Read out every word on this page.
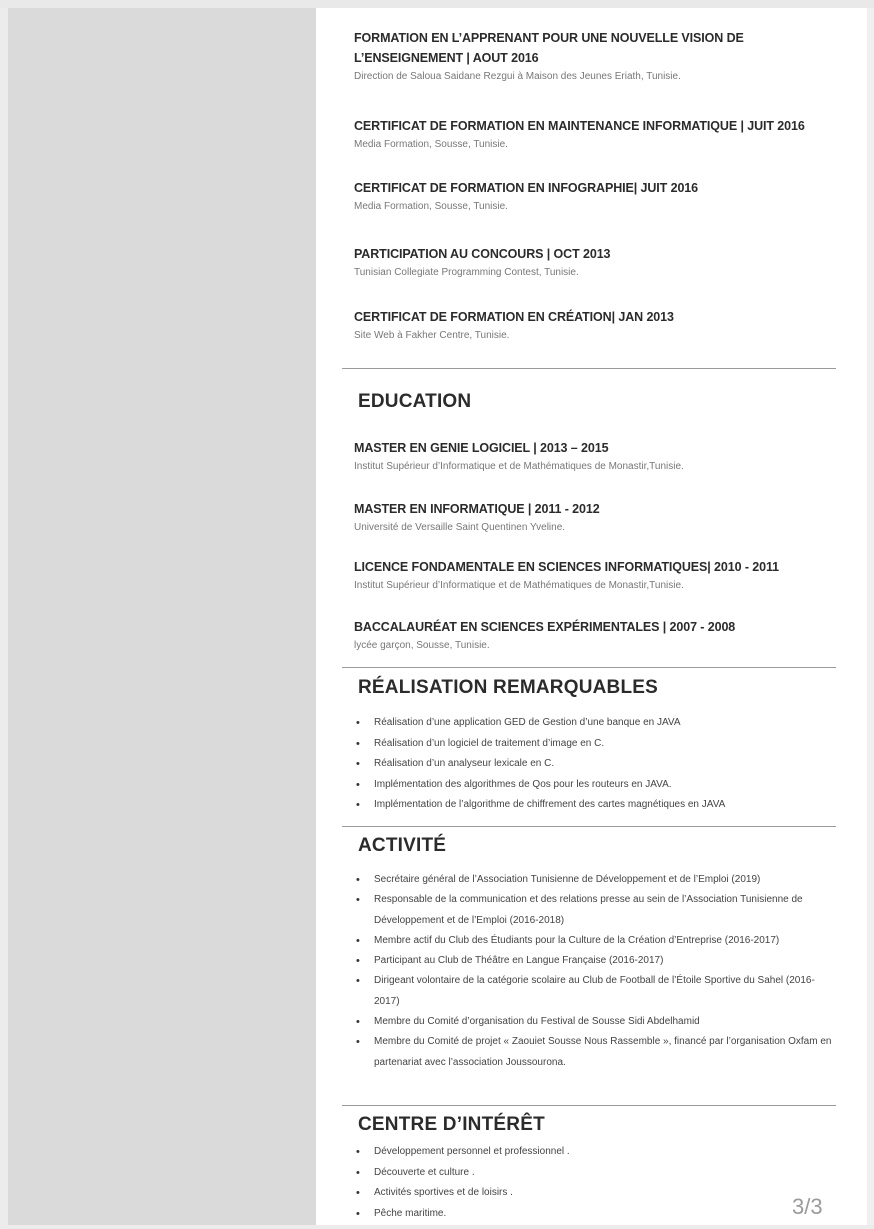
FORMATION EN L’APPRENANT POUR UNE NOUVELLE VISION DE L’ENSEIGNEMENT | AOUT 2016

Direction de Saloua Saidane Rezgui à Maison des Jeunes Eriath, Tunisie.

CERTIFICAT DE FORMATION EN MAINTENANCE INFORMATIQUE | JUIT 2016

Media Formation, Sousse, Tunisie.

CERTIFICAT DE FORMATION EN INFOGRAPHIE| JUIT 2016

Media Formation, Sousse, Tunisie.

PARTICIPATION AU CONCOURS | OCT 2013

Tunisian Collegiate Programming Contest, Tunisie.

CERTIFICAT DE FORMATION EN CRÉATION| JAN 2013

Site Web à Fakher Centre, Tunisie.

EDUCATION
MASTER EN GENIE LOGICIEL | 2013 – 2015

Institut Supérieur d’Informatique et de Mathématiques de Monastir,Tunisie.

MASTER EN INFORMATIQUE | 2011 - 2012

Université de Versaille Saint Quentinen Yveline.

LICENCE FONDAMENTALE EN SCIENCES INFORMATIQUES| 2010 - 2011

Institut Supérieur d’Informatique et de Mathématiques de Monastir,Tunisie.

BACCALAURÉAT EN SCIENCES EXPÉRIMENTALES | 2007 - 2008

lycée garçon, Sousse, Tunisie.

RÉALISATION REMARQUABLES
• Réalisation d’une application GED de Gestion d’une banque en JAVA
• Réalisation d’un logiciel de traitement d’image en C.
• Réalisation d’un analyseur lexicale en C.
• Implémentation des algorithmes de Qos pour les routeurs en JAVA.
• Implémentation de l’algorithme de chiffrement des cartes magnétiques en JAVA
ACTIVITÉ
• Secrétaire général de l’Association Tunisienne de Développement et de l’Emploi (2019)
• Responsable de la communication et des relations presse au sein de l’Association Tunisienne de Développement et de l’Emploi (2016-2018)
• Membre actif du Club des Étudiants pour la Culture de la Création d’Entreprise (2016-2017)
• Participant au Club de Théâtre en Langue Française (2016-2017)
• Dirigeant volontaire de la catégorie scolaire au Club de Football de l’Étoile Sportive du Sahel (2016-2017)
• Membre du Comité d’organisation du Festival de Sousse Sidi Abdelhamid
• Membre du Comité de projet « Zaouiet Sousse Nous Rassemble », financé par l’organisation Oxfam en partenariat avec l’association Joussourona.
CENTRE D’INTÉRÊT
• Développement personnel et professionnel .
• Découverte et culture .
• Activités sportives et de loisirs .
• Pêche maritime.	3/3
